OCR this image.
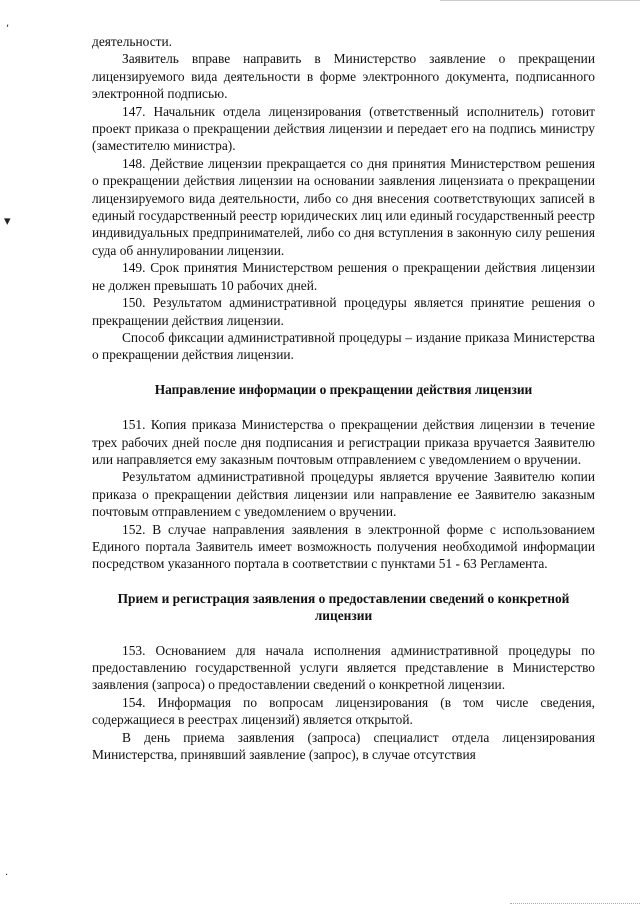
,
▾
·

деятельности.

Заявитель вправе направить в Министерство заявление о прекращении лицензируемого вида деятельности в форме электронного документа, подписанного электронной подписью.

147. Начальник отдела лицензирования (ответственный исполнитель) готовит проект приказа о прекращении действия лицензии и передает его на подпись министру (заместителю министра).

148. Действие лицензии прекращается со дня принятия Министерством решения о прекращении действия лицензии на основании заявления лицензиата о прекращении лицензируемого вида деятельности, либо со дня внесения соответствующих записей в единый государственный реестр юридических лиц или единый государственный реестр индивидуальных предпринимателей, либо со дня вступления в законную силу решения суда об аннулировании лицензии.

149. Срок принятия Министерством решения о прекращении действия лицензии не должен превышать 10 рабочих дней.

150. Результатом административной процедуры является принятие решения о прекращении действия лицензии.

Способ фиксации административной процедуры – издание приказа Министерства о прекращении действия лицензии.

Направление информации о прекращении действия лицензии

151. Копия приказа Министерства о прекращении действия лицензии в течение трех рабочих дней после дня подписания и регистрации приказа вручается Заявителю или направляется ему заказным почтовым отправлением с уведомлением о вручении.

Результатом административной процедуры является вручение Заявителю копии приказа о прекращении действия лицензии или направление ее Заявителю заказным почтовым отправлением с уведомлением о вручении.

152. В случае направления заявления в электронной форме с использованием Единого портала Заявитель имеет возможность получения необходимой информации посредством указанного портала в соответствии с пунктами 51 - 63 Регламента.

Прием и регистрация заявления о предоставлении сведений о конкретной лицензии

153. Основанием для начала исполнения административной процедуры по предоставлению государственной услуги является представление в Министерство заявления (запроса) о предоставлении сведений о конкретной лицензии.

154. Информация по вопросам лицензирования (в том числе сведения, содержащиеся в реестрах лицензий) является открытой.

В день приема заявления (запроса) специалист отдела лицензирования Министерства, принявший заявление (запрос), в случае отсутствия
